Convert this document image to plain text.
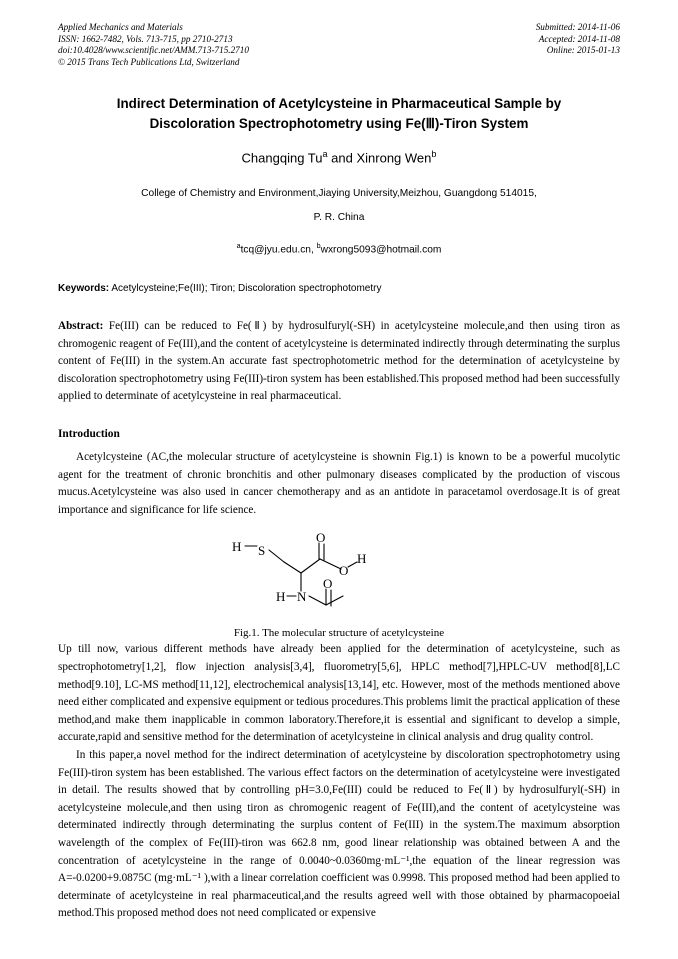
Applied Mechanics and Materials
ISSN: 1662-7482, Vols. 713-715, pp 2710-2713
doi:10.4028/www.scientific.net/AMM.713-715.2710
© 2015 Trans Tech Publications Ltd, Switzerland
Submitted: 2014-11-06
Accepted: 2014-11-08
Online: 2015-01-13
Indirect Determination of Acetylcysteine in Pharmaceutical Sample by
Discoloration Spectrophotometry using Fe(Ⅲ)-Tiron System
Changqing Tu$^a$ and Xinrong Wen$^b$
College of Chemistry and Environment,Jiaying University,Meizhou, Guangdong 514015,
P. R. China
$^a$tcq@jyu.edu.cn, $^b$wxrong5093@hotmail.com
Keywords: Acetylcysteine;Fe(III); Tiron; Discoloration spectrophotometry
Abstract: Fe(III) can be reduced to Fe(Ⅱ) by hydrosulfuryl(-SH) in acetylcysteine molecule,and then using tiron as chromogenic reagent of Fe(III),and the content of acetylcysteine is determinated indirectly through determinating the surplus content of Fe(III) in the system.An accurate fast spectrophotometric method for the determination of acetylcysteine by discoloration spectrophotometry using Fe(III)-tiron system has been established.This proposed method had been successfully applied to determinate of acetylcysteine in real pharmaceutical.
Introduction

Acetylcysteine (AC,the molecular structure of acetylcysteine is shownin Fig.1) is known to be a powerful mucolytic agent for the treatment of chronic bronchitis and other pulmonary diseases complicated by the production of viscous mucus.Acetylcysteine was also used in cancer chemotherapy and as an antidote in paracetamol overdosage.It is of great importance and significance for life science.

H S
O
O
H
H N
O
Fig.1. The molecular structure of acetylcysteine

Up till now, various different methods have already been applied for the determination of acetylcysteine, such as spectrophotometry[1,2], flow injection analysis[3,4], fluorometry[5,6], HPLC method[7],HPLC-UV method[8],LC method[9.10], LC-MS method[11,12], electrochemical analysis[13,14], etc. However, most of the methods mentioned above need either complicated and expensive equipment or tedious procedures.This problems limit the practical application of these method,and make them inapplicable in common laboratory.Therefore,it is essential and significant to develop a simple, accurate,rapid and sensitive method for the determination of acetylcysteine in clinical analysis and drug quality control.

In this paper,a novel method for the indirect determination of acetylcysteine by discoloration spectrophotometry using Fe(III)-tiron system has been established. The various effect factors on the determination of acetylcysteine were investigated in detail. The results showed that by controlling pH=3.0,Fe(III) could be reduced to Fe(Ⅱ) by hydrosulfuryl(-SH) in acetylcysteine molecule,and then using tiron as chromogenic reagent of Fe(III),and the content of acetylcysteine was determinated indirectly through determinating the surplus content of Fe(III) in the system.The maximum absorption wavelength of the complex of Fe(III)-tiron was 662.8 nm, good linear relationship was obtained between A and the concentration of acetylcysteine in the range of 0.0040~0.0360mg·mL⁻¹,the equation of the linear regression was A=-0.0200+9.0875C (mg·mL⁻¹ ),with a linear correlation coefficient was 0.9998. This proposed method had been applied to determinate of acetylcysteine in real pharmaceutical,and the results agreed well with those obtained by pharmacopoeial method.This proposed method does not need complicated or expensive
